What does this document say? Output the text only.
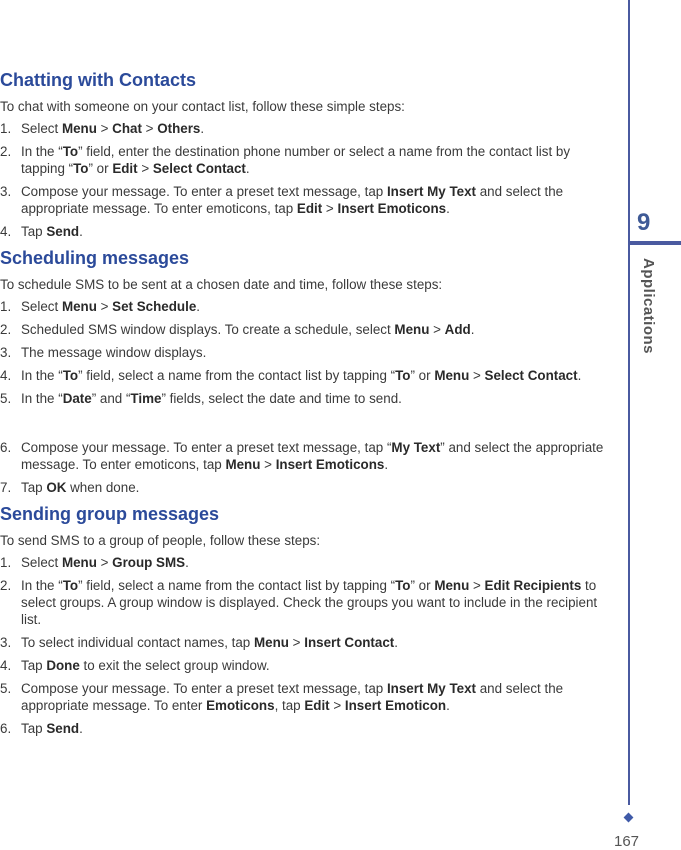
Chatting with Contacts
To chat with someone on your contact list, follow these simple steps:
1. Select Menu > Chat > Others.
2. In the “To” field, enter the destination phone number or select a name from the contact list by tapping “To” or Edit > Select Contact.
3. Compose your message. To enter a preset text message, tap Insert My Text and select the appropriate message. To enter emoticons, tap Edit > Insert Emoticons.
4. Tap Send.
Scheduling messages
To schedule SMS to be sent at a chosen date and time, follow these steps:
1. Select Menu > Set Schedule.
2. Scheduled SMS window displays. To create a schedule, select Menu > Add.
3. The message window displays.
4. In the “To” field, select a name from the contact list by tapping “To” or Menu > Select Contact.
5. In the “Date” and “Time” fields, select the date and time to send.
6. Compose your message. To enter a preset text message, tap “My Text” and select the appropriate message. To enter emoticons, tap Menu > Insert Emoticons.
7. Tap OK when done.
Sending group messages
To send SMS to a group of people, follow these steps:
1. Select Menu > Group SMS.
2. In the “To” field, select a name from the contact list by tapping “To” or Menu > Edit Recipients to select groups. A group window is displayed. Check the groups you want to include in the recipient list.
3. To select individual contact names, tap Menu > Insert Contact.
4. Tap Done to exit the select group window.
5. Compose your message. To enter a preset text message, tap Insert My Text and select the appropriate message. To enter Emoticons, tap Edit > Insert Emoticon.
6. Tap Send.
9
Applications
167
